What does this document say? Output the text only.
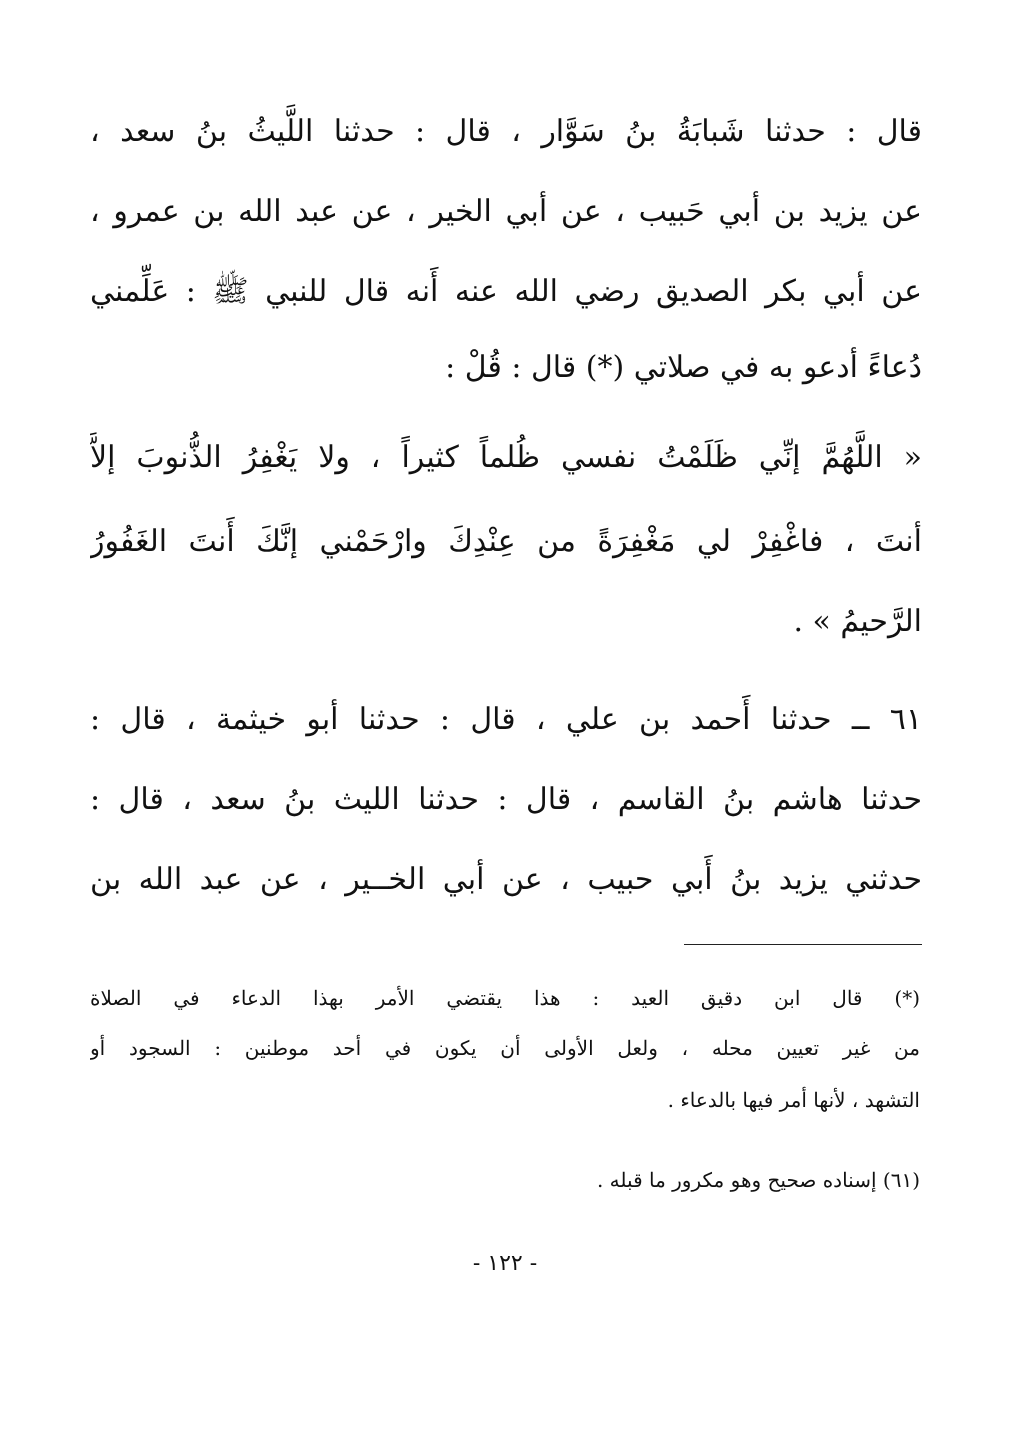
قال : حدثنا شَبابَةُ بنُ سَوَّار ، قال : حدثنا اللَّيثُ بنُ سعد ،
عن يزيد بن أبي حَبيب ، عن أبي الخير ، عن عبد الله بن عمرو ،
عن أبي بكر الصديق رضي الله عنه أَنه قال للنبي ﷺ : عَلِّمني
دُعاءً أدعو به في صلاتي (*) قال : قُلْ :
« اللَّهُمَّ إنِّي ظَلَمْتُ نفسي ظُلماً كثيراً ، ولا يَغْفِرُ الذُّنوبَ إلاَّ
أنتَ ، فاغْفِرْ لي مَغْفِرَةً من عِنْدِكَ وارْحَمْني إنَّكَ أَنتَ الغَفُورُ
الرَّحيمُ » .
٦١ ــ حدثنا أَحمد بن علي ، قال : حدثنا أبو خيثمة ، قال :
حدثنا هاشم بنُ القاسم ، قال : حدثنا الليث بنُ سعد ، قال :
حدثني يزيد بنُ أَبي حبيب ، عن أبي الخــير ، عن عبد الله بن
(*) قال ابن دقيق العيد : هذا يقتضي الأمر بهذا الدعاء في الصلاة
من غير تعيين محله ، ولعل الأولى أن يكون في أحد موطنين : السجود أو
التشهد ، لأنها أمر فيها بالدعاء .
(٦١) إسناده صحيح وهو مكرور ما قبله .
- ١٢٢ -
